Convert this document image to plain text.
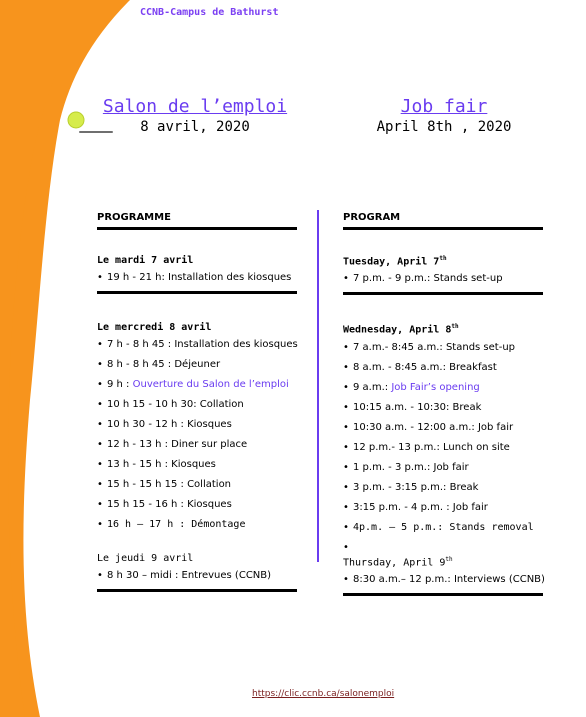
CCNB-Campus de Bathurst
Salon de l’emploi
8 avril, 2020
Job fair
April 8th , 2020
PROGRAMME
Le mardi 7 avril
• 19 h - 21 h: Installation des kiosques
Le mercredi 8 avril
• 7 h - 8 h 45 : Installation des kiosques
• 8 h - 8 h 45 : Déjeuner
• 9 h : Ouverture du Salon de l’emploi
• 10 h 15 - 10 h 30: Collation
• 10 h 30 - 12 h : Kiosques
• 12 h - 13 h : Diner sur place
• 13 h - 15 h : Kiosques
• 15 h - 15 h 15 : Collation
• 15 h 15 - 16 h : Kiosques
• 16 h – 17 h : Démontage
Le jeudi 9 avril
• 8 h 30 – midi : Entrevues (CCNB)
PROGRAM
Tuesday, April 7th
• 7 p.m. - 9 p.m.: Stands set-up
Wednesday, April 8th
• 7 a.m.- 8:45 a.m.: Stands set-up
• 8 a.m. - 8:45 a.m.: Breakfast
• 9 a.m.: Job Fair’s opening
• 10:15 a.m. - 10:30: Break
• 10:30 a.m. - 12:00 a.m.: Job fair
• 12 p.m.- 13 p.m.: Lunch on site
• 1 p.m. - 3 p.m.: Job fair
• 3 p.m. - 3:15 p.m.: Break
• 3:15 p.m. - 4 p.m. : Job fair
• 4p.m. – 5 p.m.: Stands removal
•
Thursday, April 9th
• 8:30 a.m.– 12 p.m.: Interviews (CCNB)
https://clic.ccnb.ca/salonemploi
